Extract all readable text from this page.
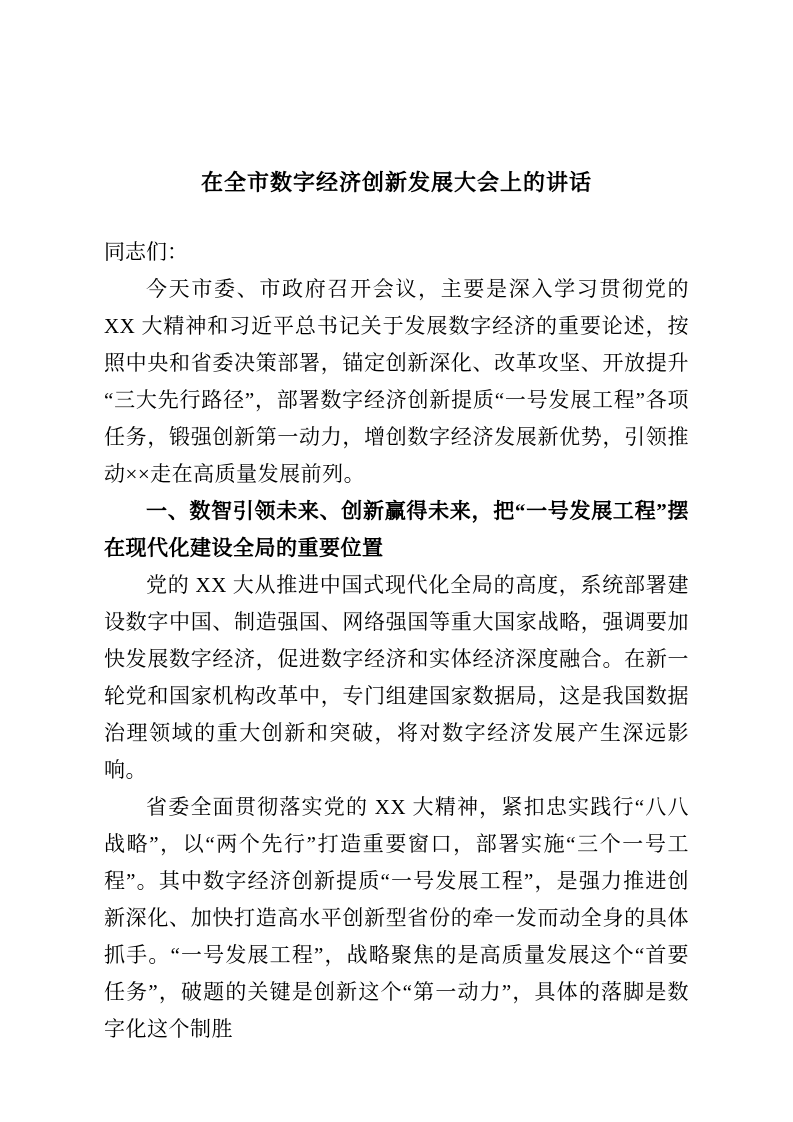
在全市数字经济创新发展大会上的讲话

同志们：

今天市委、市政府召开会议，主要是深入学习贯彻党的 XX 大精神和习近平总书记关于发展数字经济的重要论述，按照中央和省委决策部署，锚定创新深化、改革攻坚、开放提升“三大先行路径”，部署数字经济创新提质“一号发展工程”各项任务，锻强创新第一动力，增创数字经济发展新优势，引领推动××走在高质量发展前列。

一、数智引领未来、创新赢得未来，把“一号发展工程”摆在现代化建设全局的重要位置

党的 XX 大从推进中国式现代化全局的高度，系统部署建设数字中国、制造强国、网络强国等重大国家战略，强调要加快发展数字经济，促进数字经济和实体经济深度融合。在新一轮党和国家机构改革中，专门组建国家数据局，这是我国数据治理领域的重大创新和突破，将对数字经济发展产生深远影响。

省委全面贯彻落实党的 XX 大精神，紧扣忠实践行“八八战略”，以“两个先行”打造重要窗口，部署实施“三个一号工程”。其中数字经济创新提质“一号发展工程”，是强力推进创新深化、加快打造高水平创新型省份的牵一发而动全身的具体抓手。“一号发展工程”，战略聚焦的是高质量发展这个“首要任务”，破题的关键是创新这个“第一动力”，具体的落脚是数字化这个制胜
